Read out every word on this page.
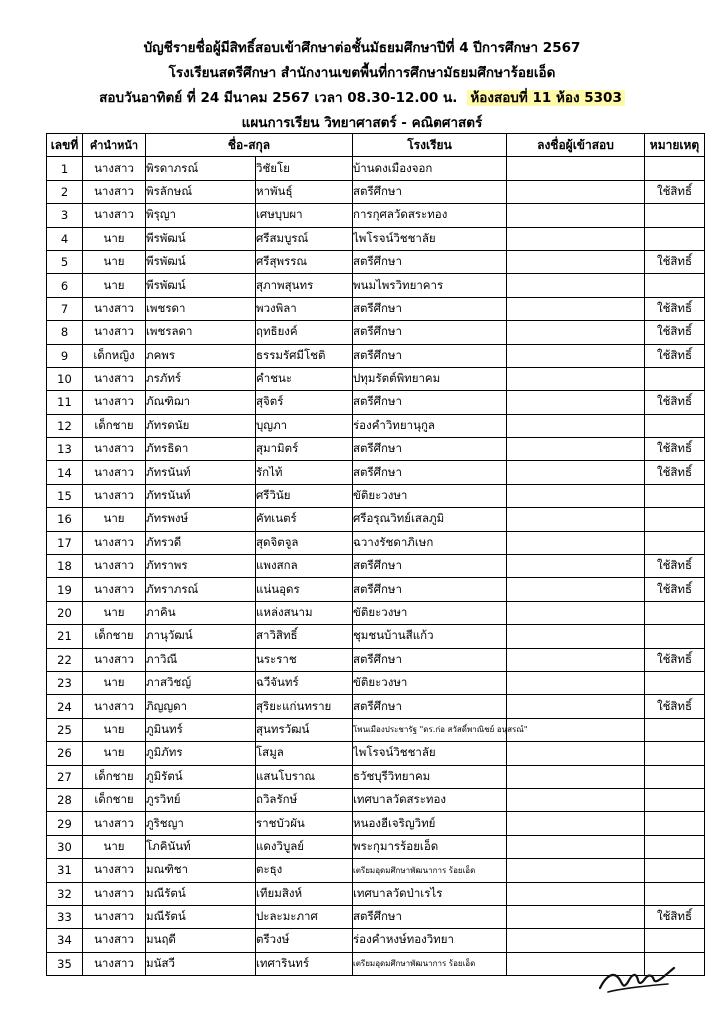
บัญชีรายชื่อผู้มีสิทธิ์สอบเข้าศึกษาต่อชั้นมัธยมศึกษาปีที่ 4 ปีการศึกษา 2567
โรงเรียนสตรีศึกษา สำนักงานเขตพื้นที่การศึกษามัธยมศึกษาร้อยเอ็ด
สอบวันอาทิตย์ ที่ 24 มีนาคม 2567 เวลา 08.30-12.00 น. ห้องสอบที่ 11 ห้อง 5303
แผนการเรียน วิทยาศาสตร์ - คณิตศาสตร์
เลขที่	คำนำหน้า	ชื่อ-สกุล		โรงเรียน	ลงชื่อผู้เข้าสอบ	หมายเหตุ
1	นางสาว	พิรดาภรณ์	วิชัยโย	บ้านดงเมืองจอก		
2	นางสาว	พิรลักษณ์	หาพันธุ์	สตรีศึกษา		ใช้สิทธิ์
3	นางสาว	พิรุญา	เศษบุบผา	การกุศลวัดสระทอง		
4	นาย	พีรพัฒน์	ศรีสมบูรณ์	ไพโรจน์วิชชาลัย		
5	นาย	พีรพัฒน์	ศรีสุพรรณ	สตรีศึกษา		ใช้สิทธิ์
6	นาย	พีรพัฒน์	สุภาพสุนทร	พนมไพรวิทยาคาร		
7	นางสาว	เพชรดา	พวงพิลา	สตรีศึกษา		ใช้สิทธิ์
8	นางสาว	เพชรลดา	ฤทธิยงค์	สตรีศึกษา		ใช้สิทธิ์
9	เด็กหญิง	ภคพร	ธรรมรัศมีโชติ	สตรีศึกษา		ใช้สิทธิ์
10	นางสาว	ภรภัทร์	คำชนะ	ปทุมรัตต์พิทยาคม		
11	นางสาว	ภัณฑิฌา	สุจิตร์	สตรีศึกษา		ใช้สิทธิ์
12	เด็กชาย	ภัทรดนัย	บุญภา	ร่องคำวิทยานุกูล		
13	นางสาว	ภัทรธิดา	สุมามิตร์	สตรีศึกษา		ใช้สิทธิ์
14	นางสาว	ภัทรนันท์	รักไท้	สตรีศึกษา		ใช้สิทธิ์
15	นางสาว	ภัทรนันท์	ศรีวินัย	ขัติยะวงษา		
16	นาย	ภัทรพงษ์	คัทเนตร์	ศรีอรุณวิทย์เสลภูมิ		
17	นางสาว	ภัทรวดี	สุดจิตจูล	ฉวางรัชดาภิเษก		
18	นางสาว	ภัทราพร	แพงสกล	สตรีศึกษา		ใช้สิทธิ์
19	นางสาว	ภัทราภรณ์	แน่นอุดร	สตรีศึกษา		ใช้สิทธิ์
20	นาย	ภาคิน	แหล่งสนาม	ขัติยะวงษา		
21	เด็กชาย	ภานุวัฒน์	สาวิสิทธิ์	ชุมชนบ้านสีแก้ว		
22	นางสาว	ภาวิณี	นระราช	สตรีศึกษา		ใช้สิทธิ์
23	นาย	ภาสวิชญ์	ฉวีจันทร์	ขัติยะวงษา		
24	นางสาว	ภิญญดา	สุริยะแก่นทราย	สตรีศึกษา		ใช้สิทธิ์
25	นาย	ภูมินทร์	สุนทรวัฒน์	โพนเมืองประชารัฐ "ดร.ก่อ สวัสดิ์พาณิชย์ อนุสรณ์"		
26	นาย	ภูมิภัทร	โสมูล	ไพโรจน์วิชชาลัย		
27	เด็กชาย	ภูมิรัตน์	แสนโบราณ	ธวัชบุรีวิทยาคม		
28	เด็กชาย	ภูรวิทย์	ถวิลรักษ์	เทศบาลวัดสระทอง		
29	นางสาว	ภูริชญา	ราชบัวผัน	หนองฮีเจริญวิทย์		
30	นาย	โภคินันท์	แดงวิบูลย์	พระกุมารร้อยเอ็ด		
31	นางสาว	มณฑิชา	ตะธุง	เตรียมอุดมศึกษาพัฒนาการ ร้อยเอ็ด		
32	นางสาว	มณีรัตน์	เทียมสิงห์	เทศบาลวัดป่าเรไร		
33	นางสาว	มณีรัตน์	ปะละมะภาศ	สตรีศึกษา		ใช้สิทธิ์
34	นางสาว	มนฤดี	ตรีวงษ์	ร่องคำหงษ์ทองวิทยา		
35	นางสาว	มนัสวี	เทศารินทร์	เตรียมอุดมศึกษาพัฒนาการ ร้อยเอ็ด		
